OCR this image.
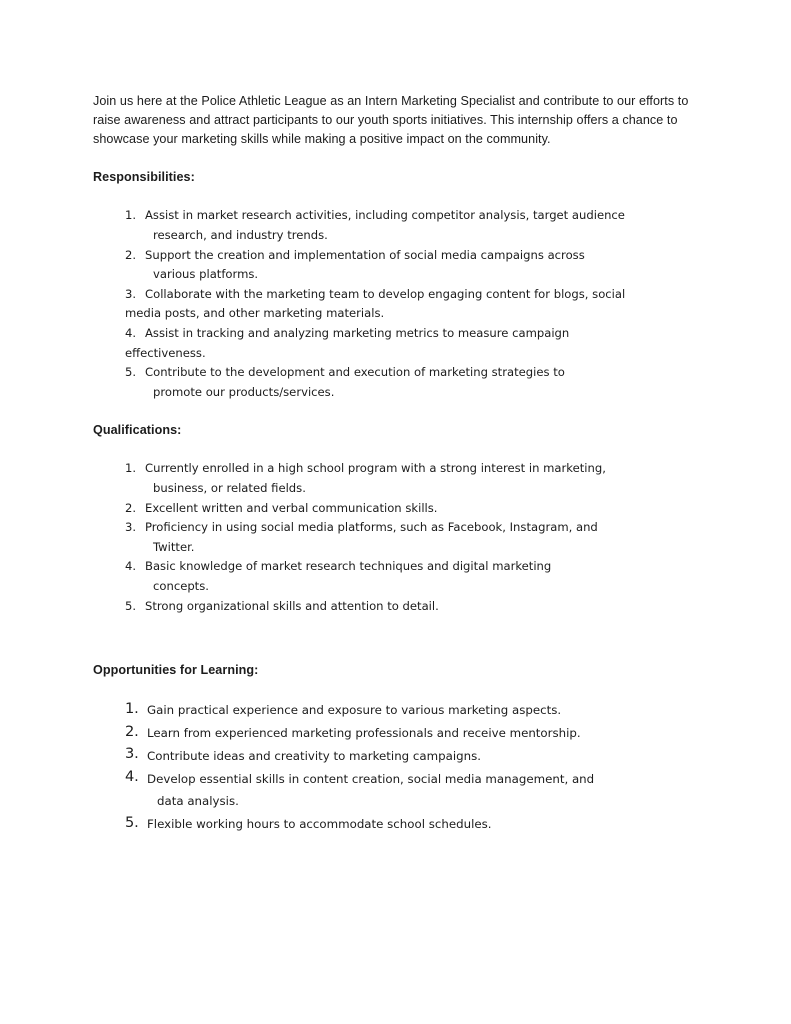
Join us here at the Police Athletic League as an Intern Marketing Specialist and contribute to our efforts to raise awareness and attract participants to our youth sports initiatives. This internship offers a chance to showcase your marketing skills while making a positive impact on the community.

Responsibilities:
1. Assist in market research activities, including competitor analysis, target audience
research, and industry trends.
2. Support the creation and implementation of social media campaigns across
various platforms.
3. Collaborate with the marketing team to develop engaging content for blogs, social
media posts, and other marketing materials.
4. Assist in tracking and analyzing marketing metrics to measure campaign
effectiveness.
5. Contribute to the development and execution of marketing strategies to
promote our products/services.
Qualifications:
1. Currently enrolled in a high school program with a strong interest in marketing,
business, or related fields.
2. Excellent written and verbal communication skills.
3. Proficiency in using social media platforms, such as Facebook, Instagram, and
Twitter.
4. Basic knowledge of market research techniques and digital marketing
concepts.
5. Strong organizational skills and attention to detail.
Opportunities for Learning:
1. Gain practical experience and exposure to various marketing aspects.
2. Learn from experienced marketing professionals and receive mentorship.
3. Contribute ideas and creativity to marketing campaigns.
4. Develop essential skills in content creation, social media management, and
data analysis.
5. Flexible working hours to accommodate school schedules.
